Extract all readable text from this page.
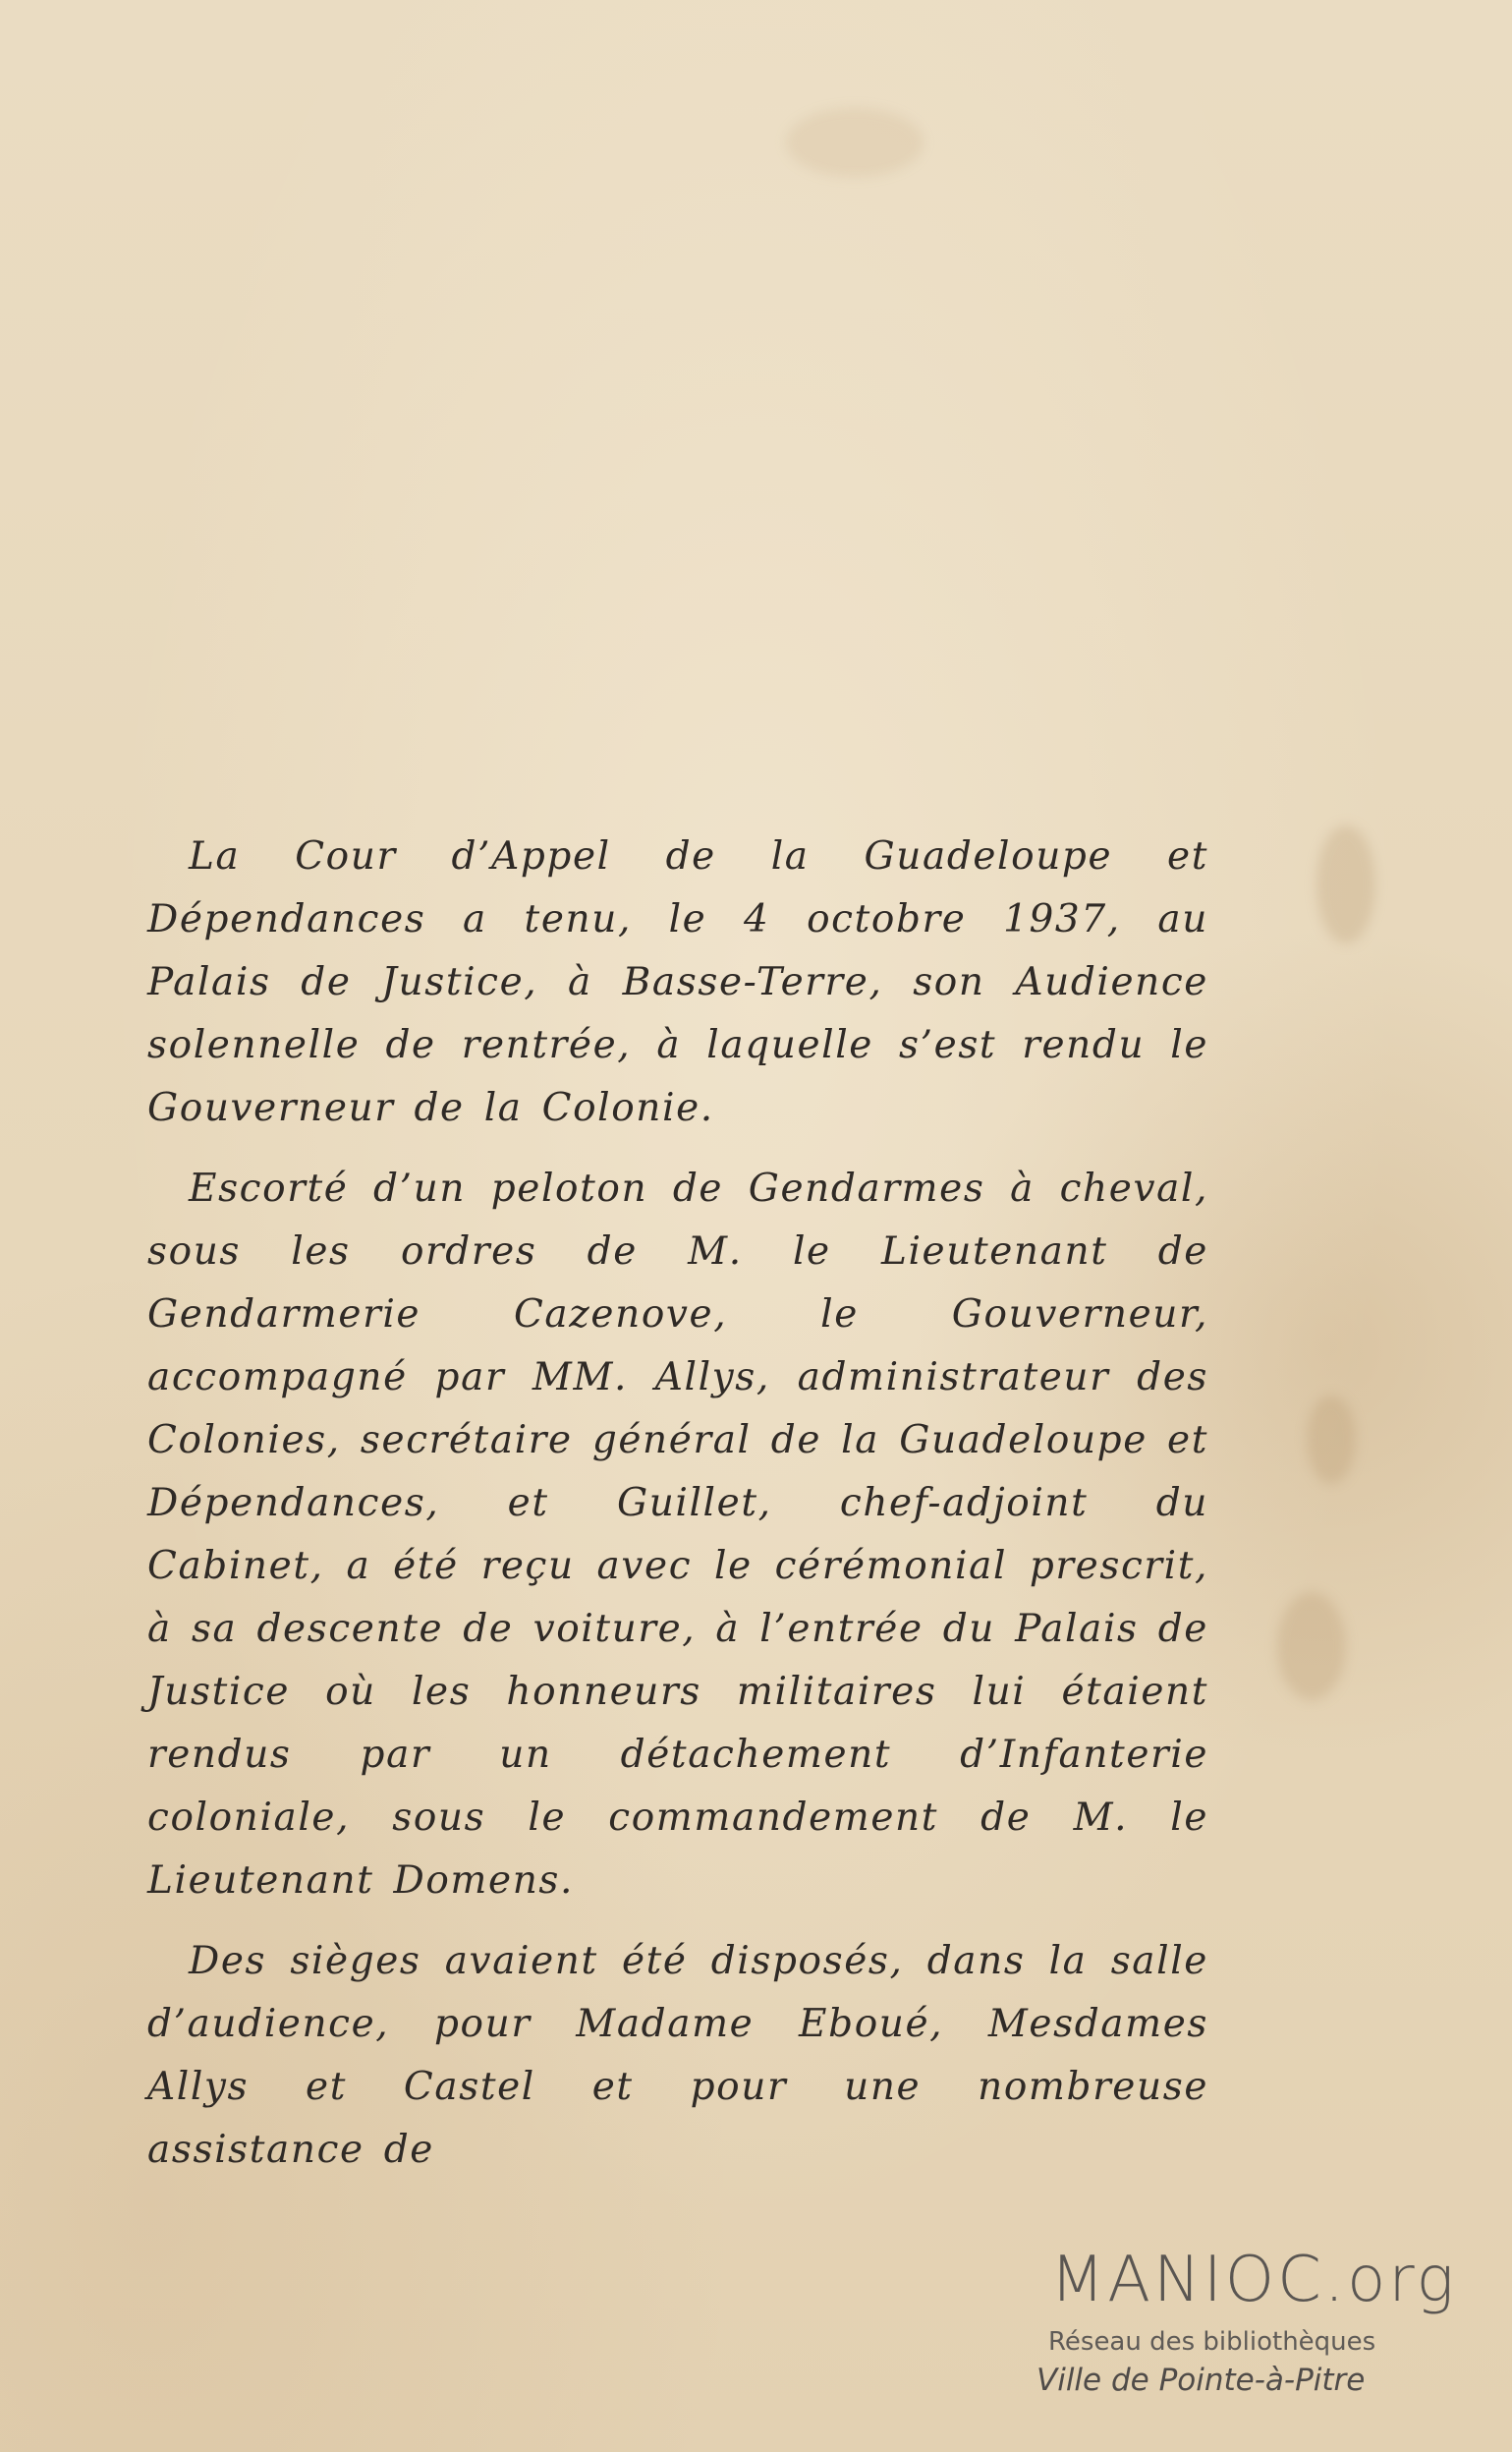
La Cour d’Appel de la Guadeloupe et Dépendances a tenu, le 4 octobre 1937, au Palais de Justice, à Basse-Terre, son Audience solennelle de rentrée, à laquelle s’est rendu le Gouverneur de la Colonie.

Escorté d’un peloton de Gendarmes à cheval, sous les ordres de M. le Lieutenant de Gendarmerie Cazenove, le Gouverneur, accompagné par MM. Allys, administrateur des Colonies, secrétaire général de la Guadeloupe et Dépendances, et Guillet, chef-adjoint du Cabinet, a été reçu avec le cérémonial prescrit, à sa descente de voiture, à l’entrée du Palais de Justice où les honneurs militaires lui étaient rendus par un détachement d’Infanterie coloniale, sous le commandement de M. le Lieutenant Domens.

Des sièges avaient été disposés, dans la salle d’audience, pour Madame Eboué, Mesdames Allys et Castel et pour une nombreuse assistance de

MANIOC.org
Réseau des bibliothèques
Ville de Pointe-à-Pitre
